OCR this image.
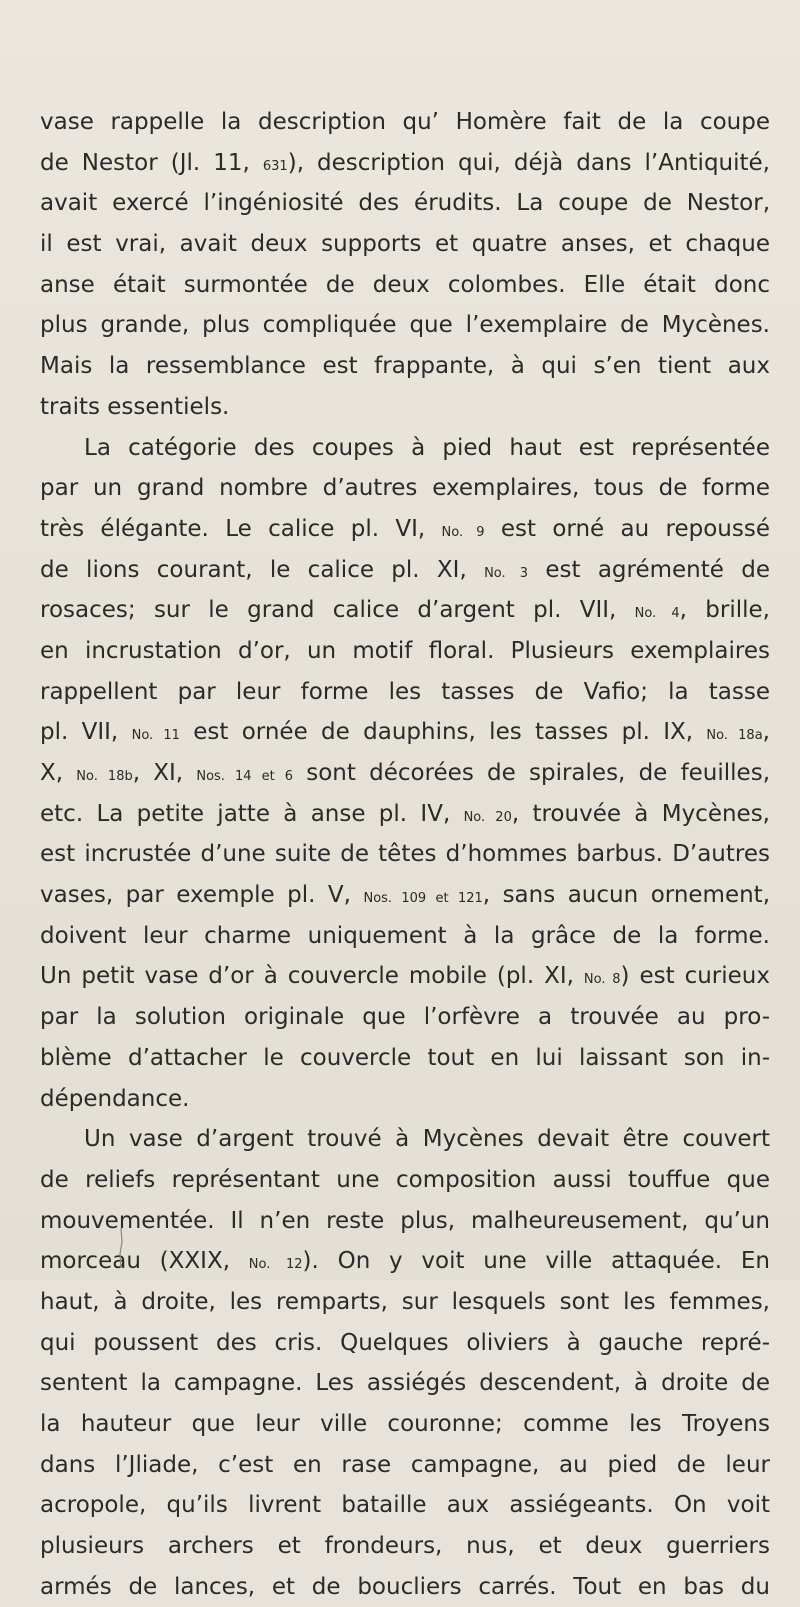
vase rappelle la description qu’ Homère fait de la coupe
de Nestor (Jl. 11, 631), description qui, déjà dans l’Antiquité,
avait exercé l’ingéniosité des érudits. La coupe de Nestor,
il est vrai, avait deux supports et quatre anses, et chaque
anse était surmontée de deux colombes. Elle était donc
plus grande, plus compliquée que l’exemplaire de Mycènes.
Mais la ressemblance est frappante, à qui s’en tient aux
traits essentiels.
La catégorie des coupes à pied haut est représentée
par un grand nombre d’autres exemplaires, tous de forme
très élégante. Le calice pl. VI, No. 9 est orné au repoussé
de lions courant, le calice pl. XI, No. 3 est agrémenté de
rosaces; sur le grand calice d’argent pl. VII, No. 4, brille,
en incrustation d’or, un motif floral. Plusieurs exemplaires
rappellent par leur forme les tasses de Vafio; la tasse
pl. VII, No. 11 est ornée de dauphins, les tasses pl. IX, No. 18a,
X, No. 18b, XI, Nos. 14 et 6 sont décorées de spirales, de feuilles,
etc. La petite jatte à anse pl. IV, No. 20, trouvée à Mycènes,
est incrustée d’une suite de têtes d’hommes barbus. D’autres
vases, par exemple pl. V, Nos. 109 et 121, sans aucun ornement,
doivent leur charme uniquement à la grâce de la forme.
Un petit vase d’or à couvercle mobile (pl. XI, No. 8) est curieux
par la solution originale que l’orfèvre a trouvée au pro-
blème d’attacher le couvercle tout en lui laissant son in-
dépendance.
Un vase d’argent trouvé à Mycènes devait être couvert
de reliefs représentant une composition aussi touffue que
mouvementée. Il n’en reste plus, malheureusement, qu’un
morceau (XXIX, No. 12). On y voit une ville attaquée. En
haut, à droite, les remparts, sur lesquels sont les femmes,
qui poussent des cris. Quelques oliviers à gauche repré-
sentent la campagne. Les assiégés descendent, à droite de
la hauteur que leur ville couronne; comme les Troyens
dans l’Jliade, c’est en rase campagne, au pied de leur
acropole, qu’ils livrent bataille aux assiégeants. On voit
plusieurs archers et frondeurs, nus, et deux guerriers
armés de lances, et de boucliers carrés. Tout en bas du
